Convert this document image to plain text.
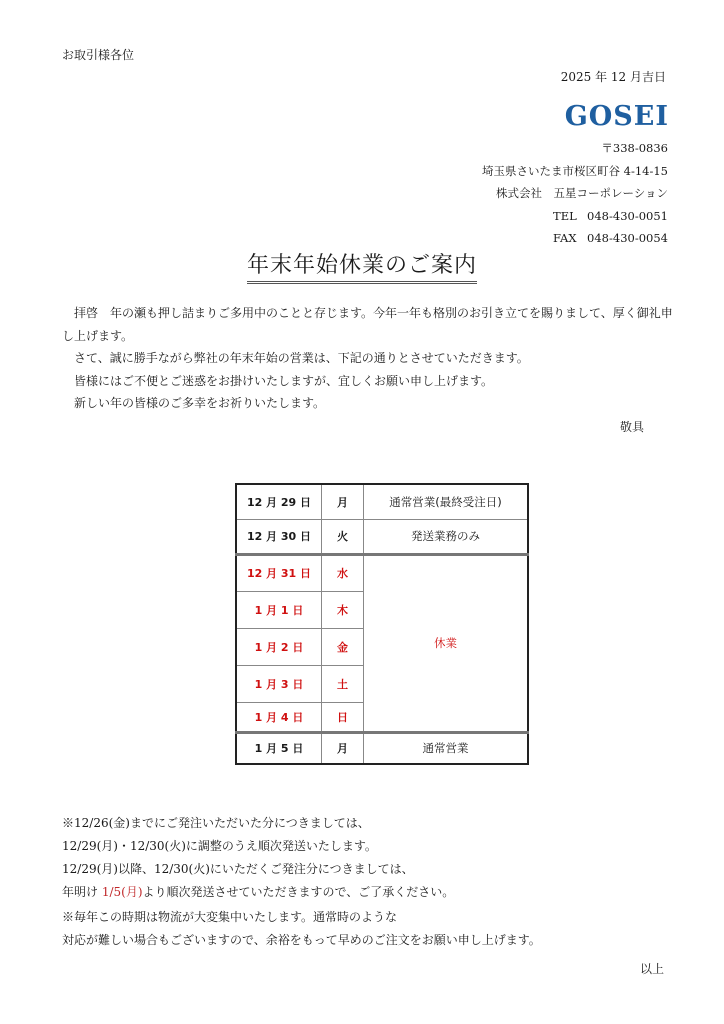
お取引様各位
2025 年 12 月吉日
GOSEI
〒338-0836
埼玉県さいたま市桜区町谷 4-14-15
株式会社　五星コーポレーション
TEL 048-430-0051
FAX 048-430-0054
年末年始休業のご案内

拝啓　年の瀬も押し詰まりご多用中のことと存じます。今年一年も格別のお引き立てを賜りまして、厚く御礼申し上げます。

さて、誠に勝手ながら弊社の年末年始の営業は、下記の通りとさせていただきます。

皆様にはご不便とご迷惑をお掛けいたしますが、宜しくお願い申し上げます。

新しい年の皆様のご多幸をお祈りいたします。

敬具
12 月 29 日	月	通常営業(最終受注日)
12 月 30 日	火	発送業務のみ
12 月 31 日	水	休業
1 月 1 日	木	
1 月 2 日	金	
1 月 3 日	土	
1 月 4 日	日	
1 月 5 日	月	通常営業
※12/26(金)までにご発注いただいた分につきましては、
12/29(月)・12/30(火)に調整のうえ順次発送いたします。
12/29(月)以降、12/30(火)にいただくご発注分につきましては、
年明け 1/5(月)より順次発送させていただきますので、ご了承ください。
※毎年この時期は物流が大変集中いたします。通常時のような
対応が難しい場合もございますので、余裕をもって早めのご注文をお願い申し上げます。
以上
